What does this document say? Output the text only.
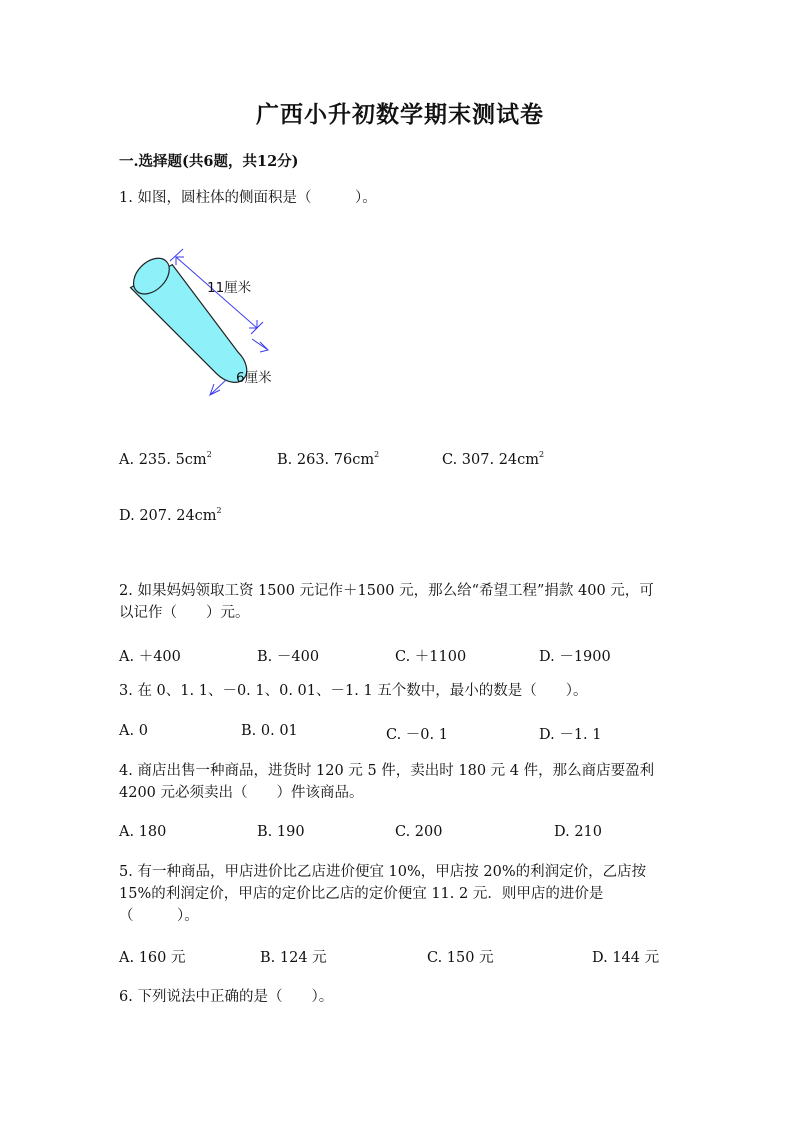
广西小升初数学期末测试卷
一.选择题(共6题，共12分)
1. 如图，圆柱体的侧面积是（　　　）。
11厘米
6厘米
A. 235. $5cm^2$	B. 263. $76cm^2$	C. 307. $24cm^2$
D. 207. $24cm^2$
2. 如果妈妈领取工资 1500 元记作＋1500 元，那么给“希望工程”捐款 400 元，可以记作（　　）元。
A. ＋400	B. －400	C. ＋1100	D. －1900
3. 在 0、1. 1、－0. 1、0. 01、－1. 1 五个数中，最小的数是（　　）。
A. 0	B. 0. 01	C. －0. 1	D. －1. 1
4. 商店出售一种商品，进货时 120 元 5 件，卖出时 180 元 4 件，那么商店要盈利 4200 元必须卖出（　　）件该商品。
A. 180	B. 190	C. 200	D. 210
5. 有一种商品，甲店进价比乙店进价便宜 10%，甲店按 20%的利润定价，乙店按 15%的利润定价，甲店的定价比乙店的定价便宜 11. 2 元．则甲店的进价是（　　　）。
A. 160 元	B. 124 元	C. 150 元	D. 144 元
6. 下列说法中正确的是（　　）。
